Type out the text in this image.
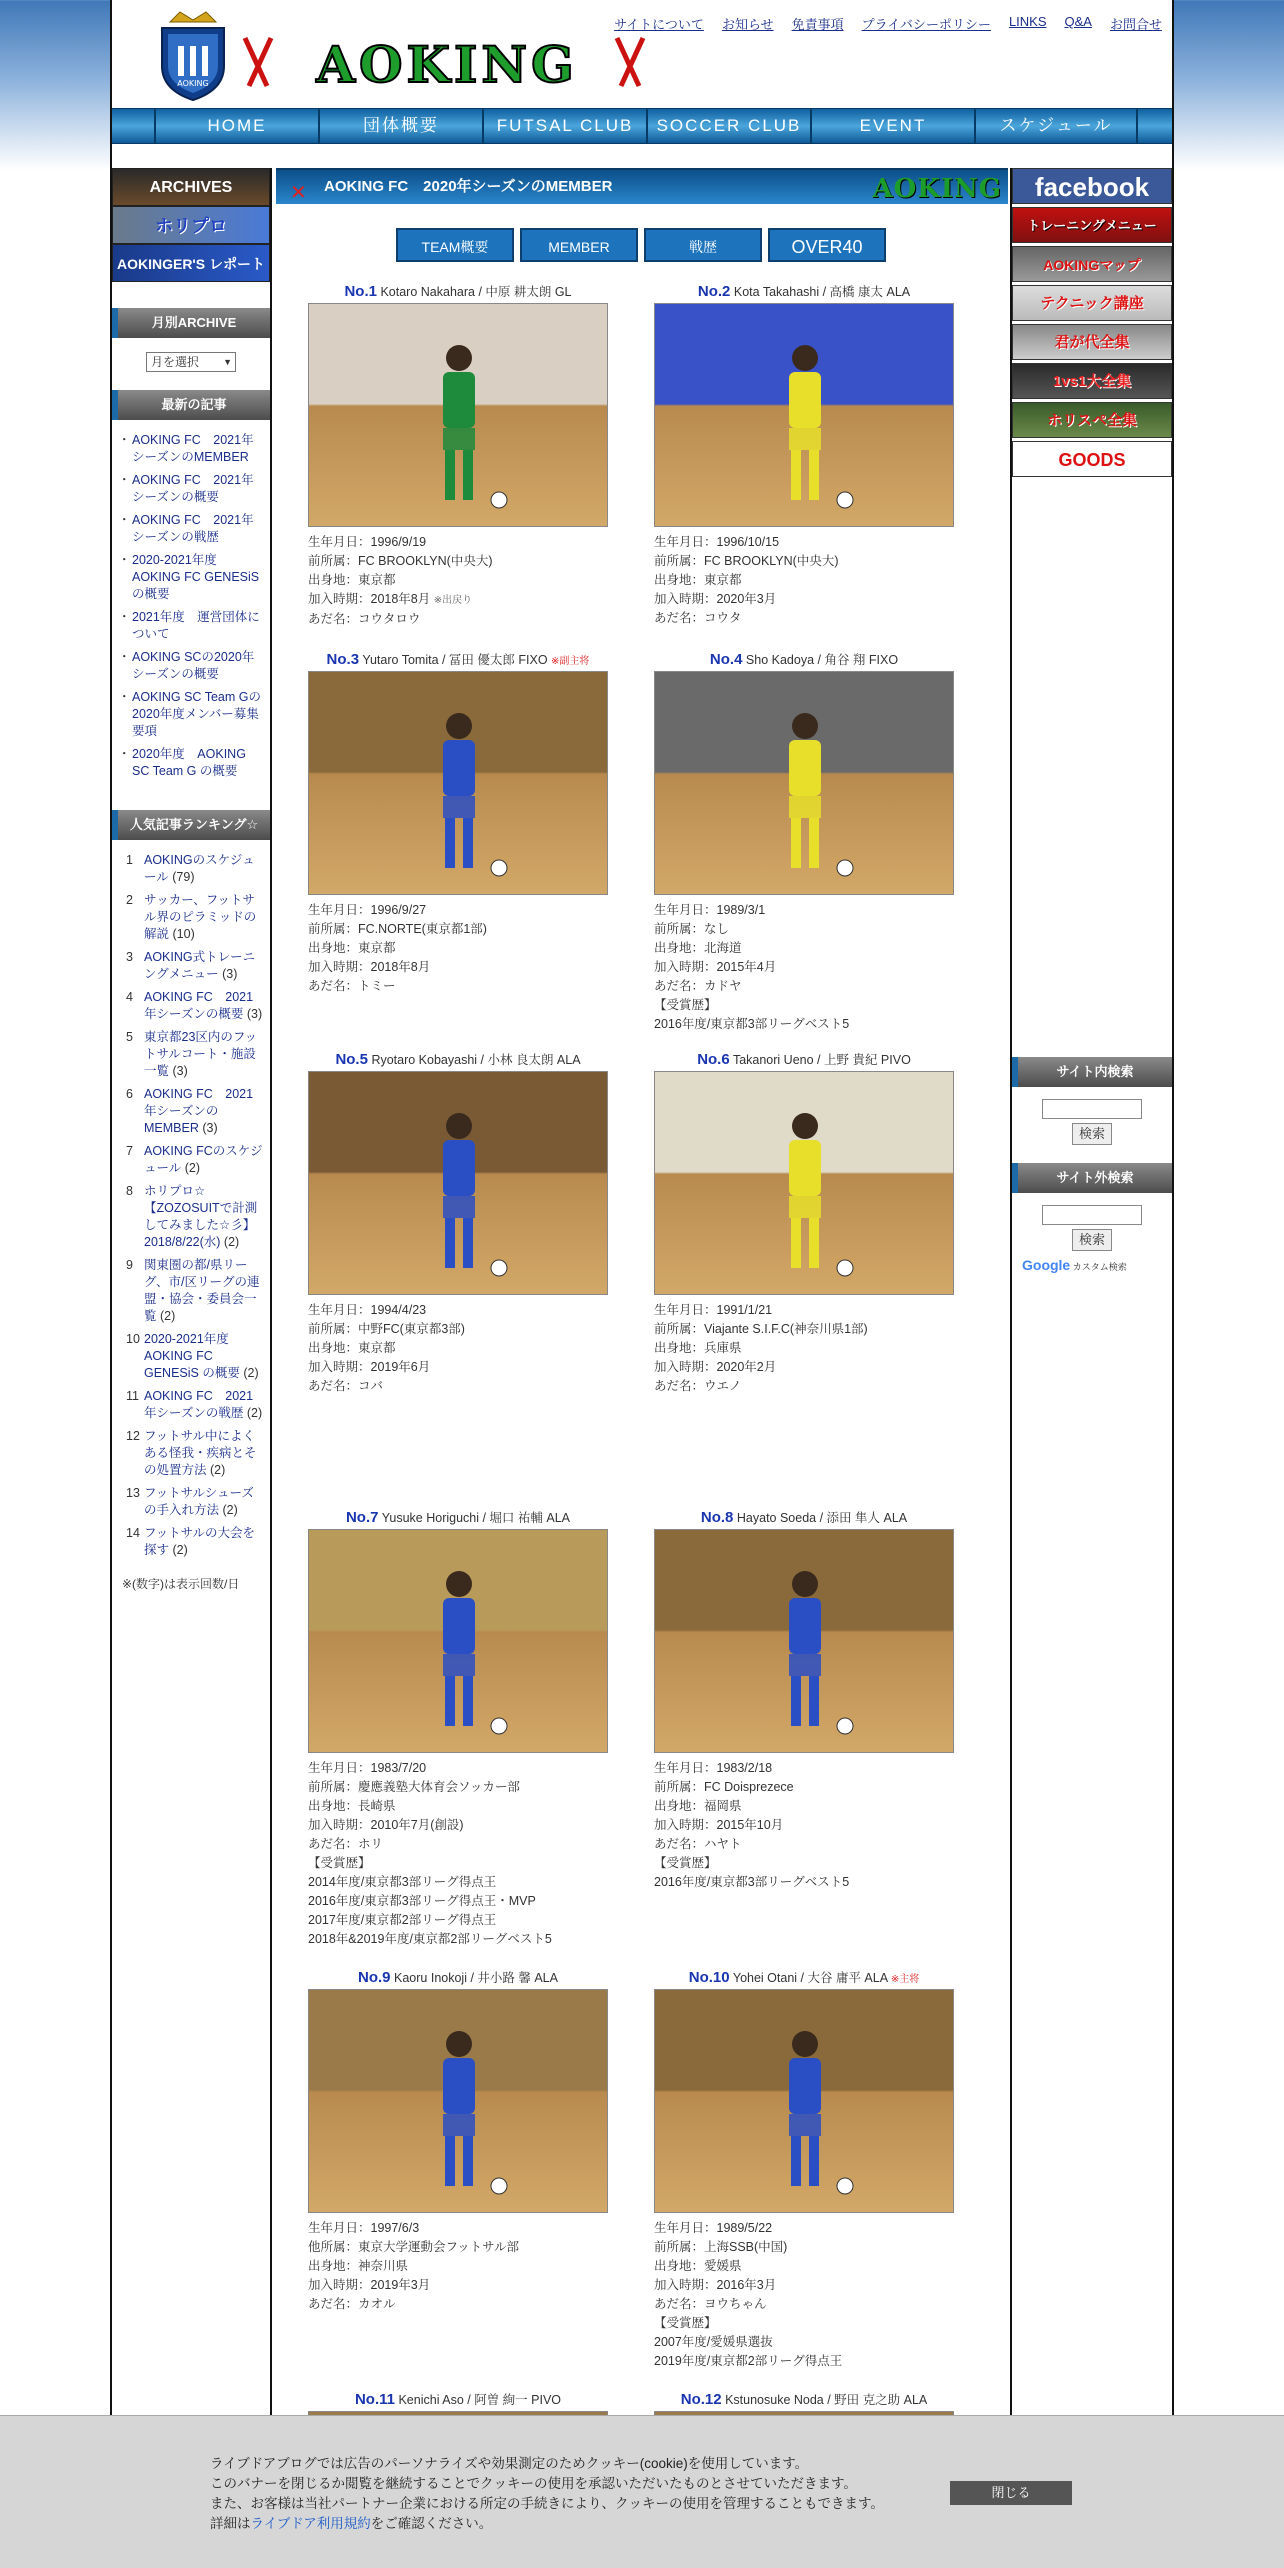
AOKING AOKING
サイトについて お知らせ 免責事項 プライバシーポリシー LINKS Q&A お問合せ
HOME	団体概要	FUTSAL CLUB	SOCCER CLUB	EVENT	スケジュール
ARCHIVES
ホリプロ
AOKINGER'S レポート
月別ARCHIVE
月を選択	▼
最新の記事
・ AOKING FC　2021年シーズンのMEMBER
・ AOKING FC　2021年シーズンの概要
・ AOKING FC　2021年シーズンの戦歴
・ 2020-2021年度　AOKING FC GENESiS の概要
・ 2021年度　運営団体について
・ AOKING SCの2020年シーズンの概要
・ AOKING SC Team Gの2020年度メンバー募集要項
・ 2020年度　AOKING SC Team G の概要
人気記事ランキング☆
1 AOKINGのスケジュール (79)
2 サッカー、フットサル界のピラミッドの解説 (10)
3 AOKING式トレーニングメニュー (3)
4 AOKING FC　2021年シーズンの概要 (3)
5 東京都23区内のフットサルコート・施設一覧 (3)
6 AOKING FC　2021年シーズンのMEMBER (3)
7 AOKING FCのスケジュール (2)
8 ホリプロ☆【ZOZOSUITで計測してみました☆彡】2018/8/22(水) (2)
9 関東圏の都/県リーグ、市/区リーグの連盟・協会・委員会一覧 (2)
10 2020-2021年度　AOKING FC GENESiS の概要 (2)
11 AOKING FC　2021年シーズンの戦歴 (2)
12 フットサル中によくある怪我・疾病とその処置方法 (2)
13 フットサルシューズの手入れ方法 (2)
14 フットサルの大会を探す (2)
※(数字)は表示回数/日
✕ AOKING FC　2020年シーズンのMEMBER	AOKING
TEAM概要	MEMBER	戦歴	OVER40
No.1 Kotaro Nakahara / 中原 耕太朗 GL
生年月日：1996/9/19
前所属：FC BROOKLYN(中央大)
出身地：東京都
加入時期：2018年8月 ※出戻り
あだ名：コウタロウ
No.2 Kota Takahashi / 高橋 康太 ALA
生年月日：1996/10/15
前所属：FC BROOKLYN(中央大)
出身地：東京都
加入時期：2020年3月
あだ名：コウタ
No.3 Yutaro Tomita / 冨田 優太郎 FIXO ※副主将
生年月日：1996/9/27
前所属：FC.NORTE(東京都1部)
出身地：東京都
加入時期：2018年8月
あだ名：トミー
No.4 Sho Kadoya / 角谷 翔 FIXO
生年月日：1989/3/1
前所属：なし
出身地：北海道
加入時期：2015年4月
あだ名：カドヤ
【受賞歴】
2016年度/東京都3部リーグベスト5
No.5 Ryotaro Kobayashi / 小林 良太朗 ALA
生年月日：1994/4/23
前所属：中野FC(東京都3部)
出身地：東京都
加入時期：2019年6月
あだ名：コバ
No.6 Takanori Ueno / 上野 貴紀 PIVO
生年月日：1991/1/21
前所属：Viajante S.I.F.C(神奈川県1部)
出身地：兵庫県
加入時期：2020年2月
あだ名：ウエノ
No.7 Yusuke Horiguchi / 堀口 祐輔 ALA
生年月日：1983/7/20
前所属：慶應義塾大体育会ソッカー部
出身地：長崎県
加入時期：2010年7月(創設)
あだ名：ホリ
【受賞歴】
2014年度/東京都3部リーグ得点王
2016年度/東京都3部リーグ得点王・MVP
2017年度/東京都2部リーグ得点王
2018年&2019年度/東京都2部リーグベスト5
No.8 Hayato Soeda / 添田 隼人 ALA
生年月日：1983/2/18
前所属：FC Doisprezece
出身地：福岡県
加入時期：2015年10月
あだ名：ハヤト
【受賞歴】
2016年度/東京都3部リーグベスト5
No.9 Kaoru Inokoji / 井小路 馨 ALA
生年月日：1997/6/3
他所属：東京大学運動会フットサル部
出身地：神奈川県
加入時期：2019年3月
あだ名：カオル
No.10 Yohei Otani / 大谷 庸平 ALA ※主将
生年月日：1989/5/22
前所属：上海SSB(中国)
出身地：愛媛県
加入時期：2016年3月
あだ名：ヨウちゃん
【受賞歴】
2007年度/愛媛県選抜
2019年度/東京都2部リーグ得点王
No.11 Kenichi Aso / 阿曽 絢一 PIVO	No.12 Kstunosuke Noda / 野田 克之助 ALA
facebook
トレーニングメニュー
AOKINGマップ
テクニック講座
君が代全集
1vs1大全集
ホリスペ全集
GOODS
サイト内検索
検索
サイト外検索
検索
Google カスタム検索
ライブドアブログでは広告のパーソナライズや効果測定のためクッキー(cookie)を使用しています。
このバナーを閉じるか閲覧を継続することでクッキーの使用を承認いただいたものとさせていただきます。
また、お客様は当社パートナー企業における所定の手続きにより、クッキーの使用を管理することもできます。
詳細はライブドア利用規約をご確認ください。
閉じる
